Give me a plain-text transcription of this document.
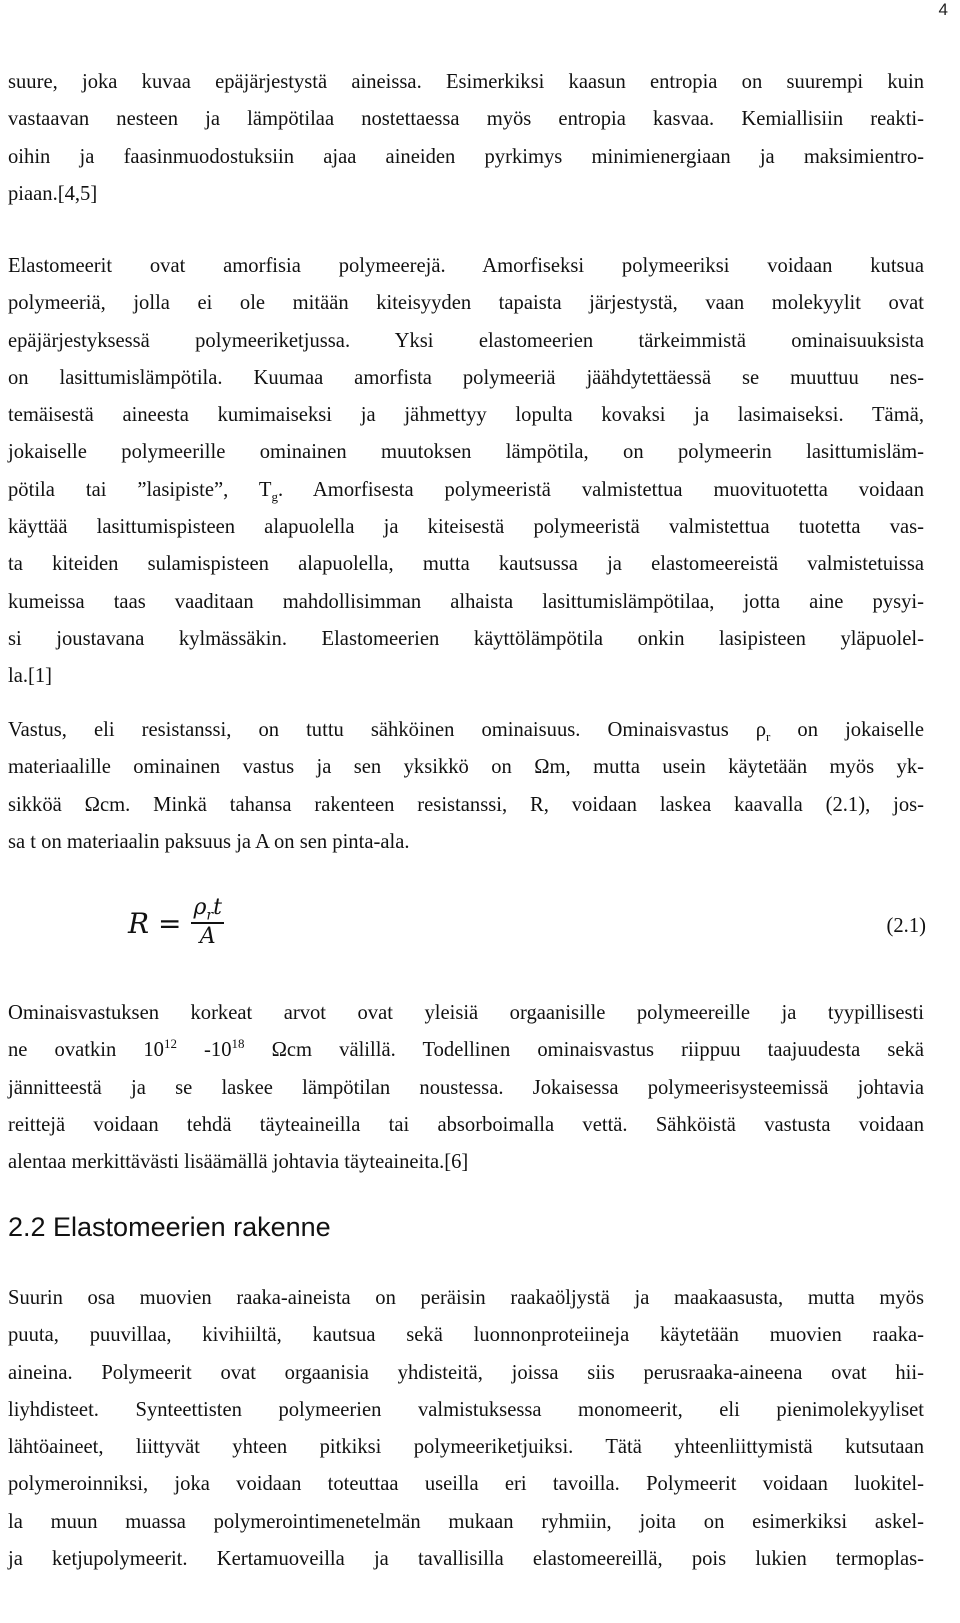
4
suure, joka kuvaa epäjärjestystä aineissa. Esimerkiksi kaasun entropia on suurempi kuin
vastaavan nesteen ja lämpötilaa nostettaessa myös entropia kasvaa. Kemiallisiin reakti-
oihin ja faasinmuodostuksiin ajaa aineiden pyrkimys minimienergiaan ja maksimientro-
piaan.[4,5]
Elastomeerit ovat amorfisia polymeerejä. Amorfiseksi polymeeriksi voidaan kutsua
polymeeriä, jolla ei ole mitään kiteisyyden tapaista järjestystä, vaan molekyylit ovat
epäjärjestyksessä polymeeriketjussa. Yksi elastomeerien tärkeimmistä ominaisuuksista
on lasittumislämpötila. Kuumaa amorfista polymeeriä jäähdytettäessä se muuttuu nes-
temäisestä aineesta kumimaiseksi ja jähmettyy lopulta kovaksi ja lasimaiseksi. Tämä,
jokaiselle polymeerille ominainen muutoksen lämpötila, on polymeerin lasittumisläm-
pötila tai ”lasipiste”, $T_g$. Amorfisesta polymeeristä valmistettua muovituotetta voidaan
käyttää lasittumispisteen alapuolella ja kiteisestä polymeeristä valmistettua tuotetta vas-
ta kiteiden sulamispisteen alapuolella, mutta kautsussa ja elastomeereistä valmistetuissa
kumeissa taas vaaditaan mahdollisimman alhaista lasittumislämpötilaa, jotta aine pysyi-
si joustavana kylmässäkin. Elastomeerien käyttölämpötila onkin lasipisteen yläpuolel-
la.[1]
Vastus, eli resistanssi, on tuttu sähköinen ominaisuus. Ominaisvastus $\rho_r$ on jokaiselle
materiaalille ominainen vastus ja sen yksikkö on Ωm, mutta usein käytetään myös yk-
sikköä Ωcm. Minkä tahansa rakenteen resistanssi, R, voidaan laskea kaavalla (2.1), jos-
sa t on materiaalin paksuus ja A on sen pinta-ala.
$R = \frac{\rho_rt}{A}$	(2.1)
Ominaisvastuksen korkeat arvot ovat yleisiä orgaanisille polymeereille ja tyypillisesti
ne ovatkin $10^{12}$ $-10^{18}$ Ωcm välillä. Todellinen ominaisvastus riippuu taajuudesta sekä
jännitteestä ja se laskee lämpötilan noustessa. Jokaisessa polymeerisysteemissä johtavia
reittejä voidaan tehdä täyteaineilla tai absorboimalla vettä. Sähköistä vastusta voidaan
alentaa merkittävästi lisäämällä johtavia täyteaineita.[6]
2.2 Elastomeerien rakenne
Suurin osa muovien raaka-aineista on peräisin raakaöljystä ja maakaasusta, mutta myös
puuta, puuvillaa, kivihiiltä, kautsua sekä luonnonproteiineja käytetään muovien raaka-
aineina. Polymeerit ovat orgaanisia yhdisteitä, joissa siis perusraaka-aineena ovat hii-
liyhdisteet. Synteettisten polymeerien valmistuksessa monomeerit, eli pienimolekyyliset
lähtöaineet, liittyvät yhteen pitkiksi polymeeriketjuiksi. Tätä yhteenliittymistä kutsutaan
polymeroinniksi, joka voidaan toteuttaa useilla eri tavoilla. Polymeerit voidaan luokitel-
la muun muassa polymerointimenetelmän mukaan ryhmiin, joita on esimerkiksi askel-
ja ketjupolymeerit. Kertamuoveilla ja tavallisilla elastomeereillä, pois lukien termoplas-
